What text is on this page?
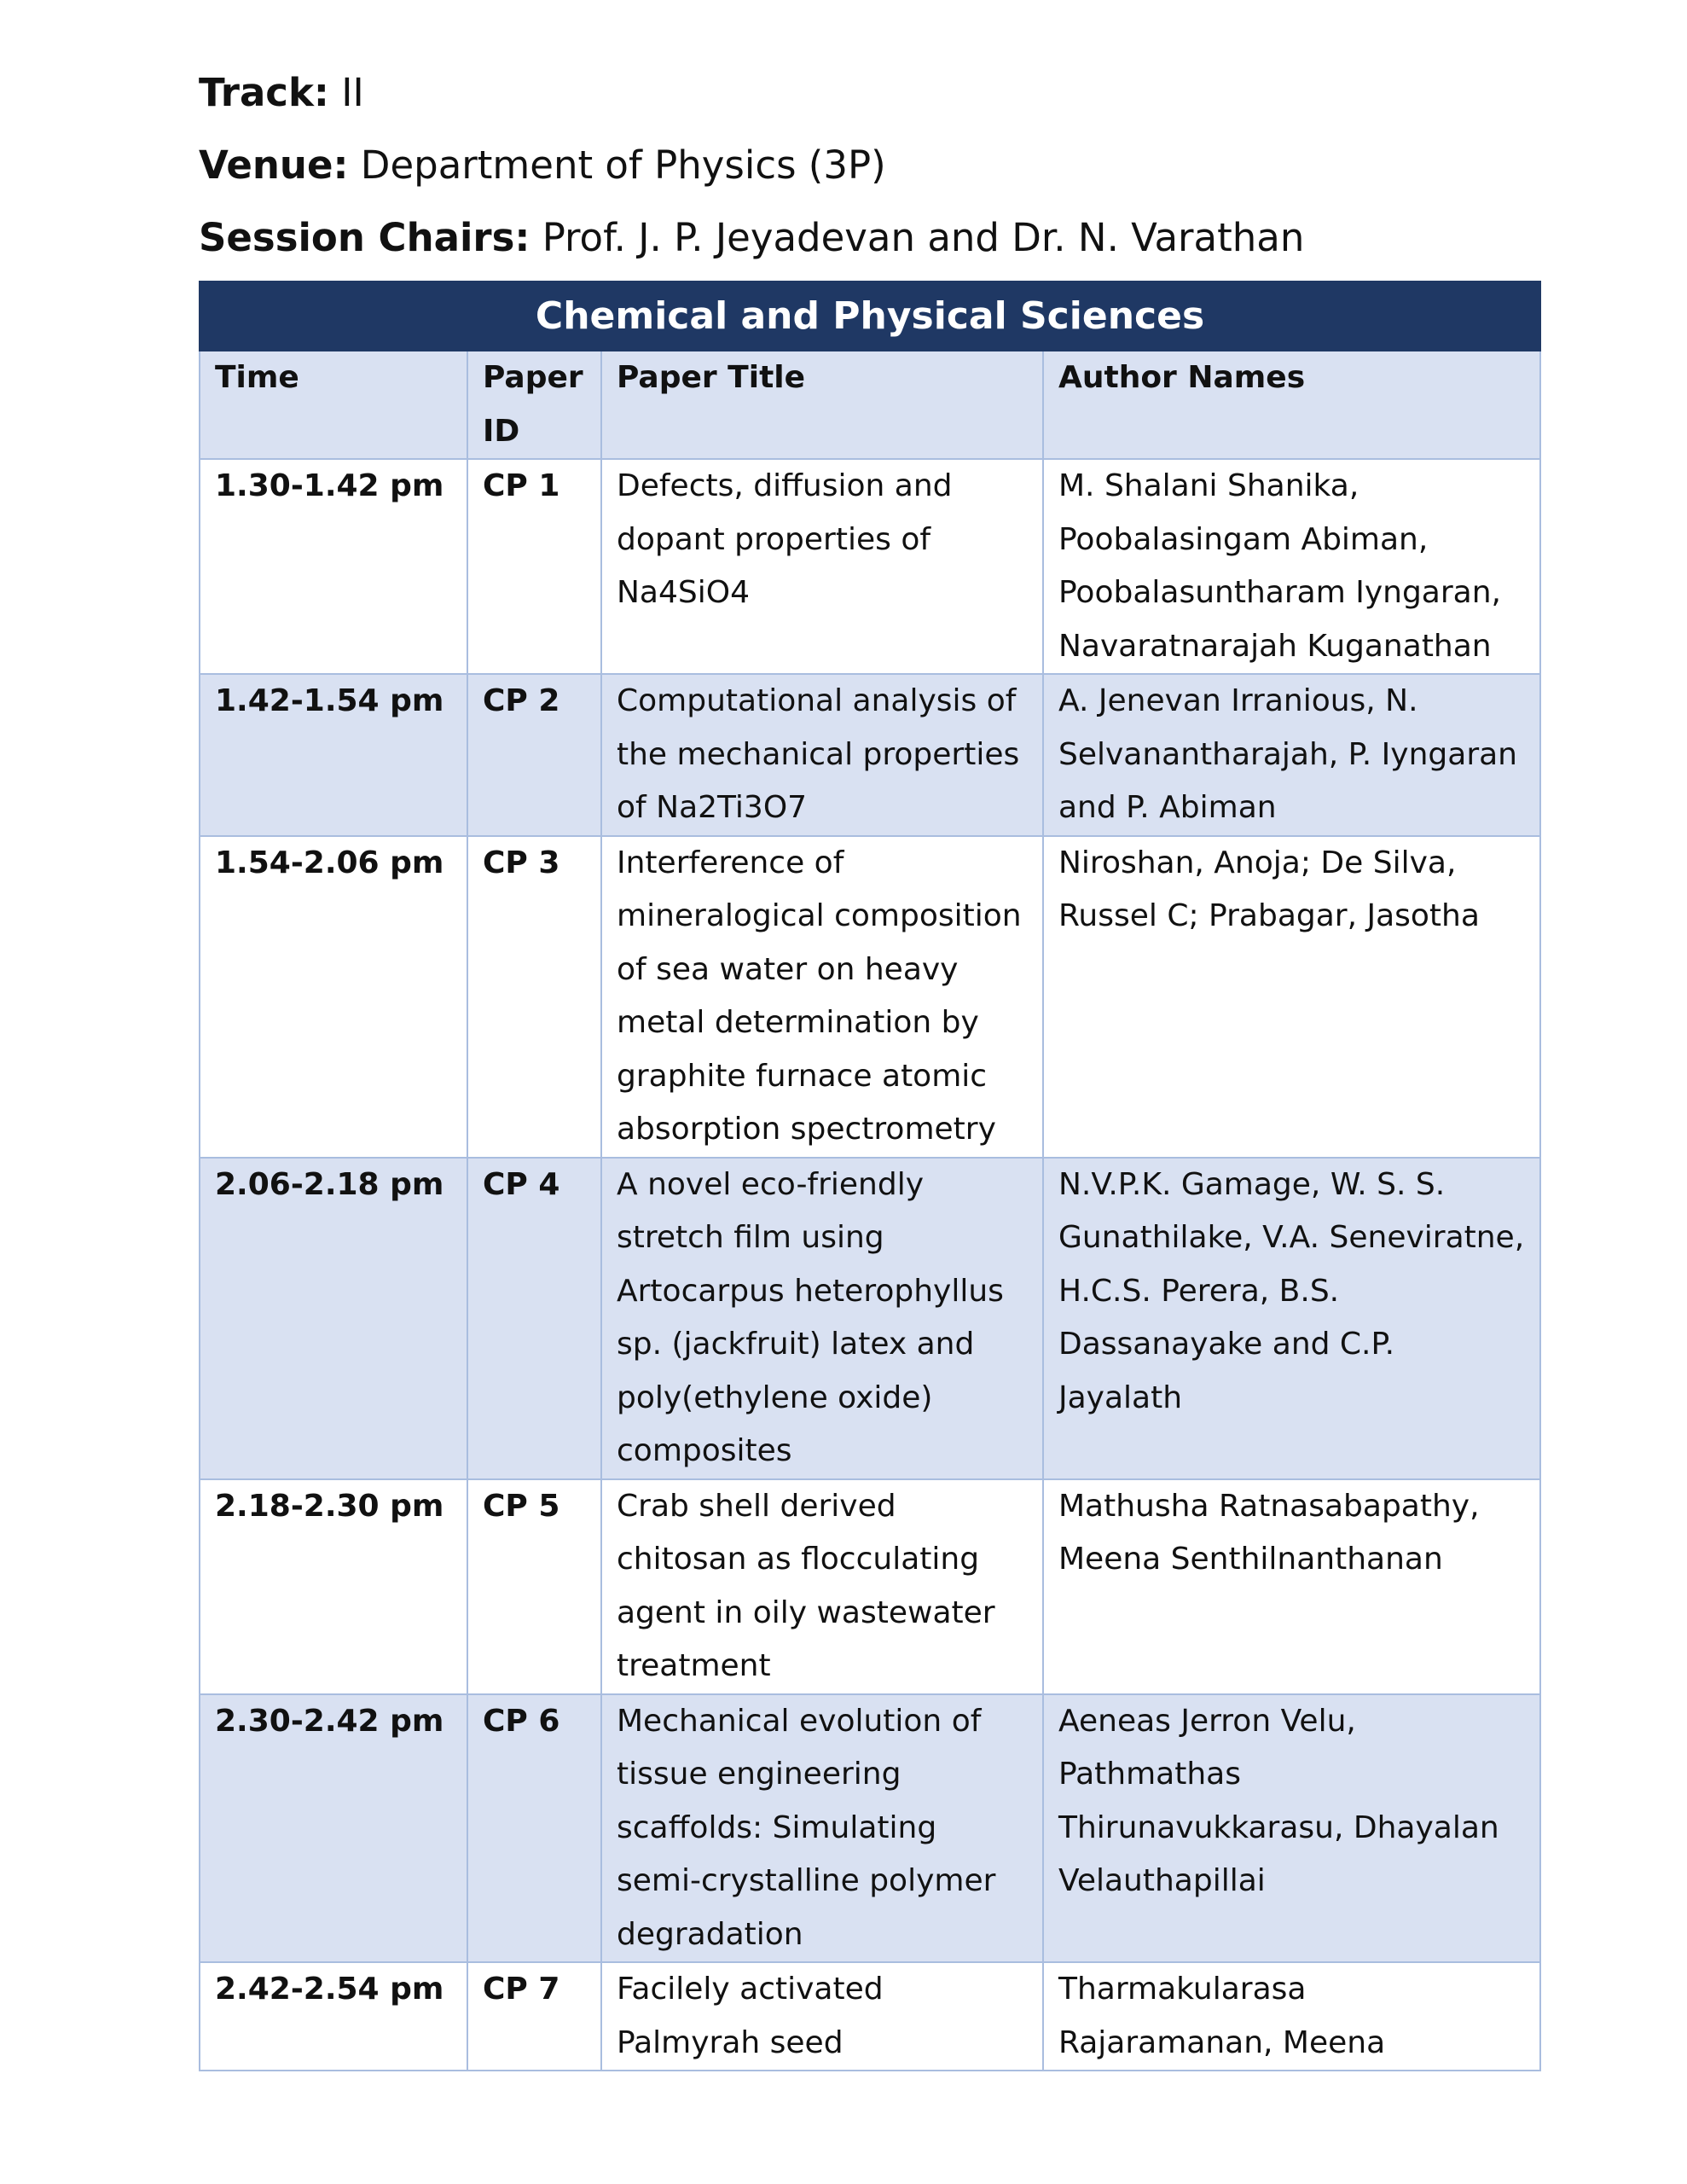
Track: II
Venue: Department of Physics (3P)
Session Chairs: Prof. J. P. Jeyadevan and Dr. N. Varathan
Chemical and Physical Sciences			
Time	Paper ID	Paper Title	Author Names
1.30-1.42 pm	CP 1	Defects, diffusion and dopant properties of Na4SiO4	M. Shalani Shanika, Poobalasingam Abiman, Poobalasuntharam Iyngaran, Navaratnarajah Kuganathan
1.42-1.54 pm	CP 2	Computational analysis of the mechanical properties of Na2Ti3O7	A. Jenevan Irranious, N. Selvanantharajah, P. Iyngaran and P. Abiman
1.54-2.06 pm	CP 3	Interference of mineralogical composition of sea water on heavy metal determination by graphite furnace atomic absorption spectrometry	Niroshan, Anoja; De Silva, Russel C; Prabagar, Jasotha
2.06-2.18 pm	CP 4	A novel eco-friendly stretch film using Artocarpus heterophyllus sp. (jackfruit) latex and poly(ethylene oxide) composites	N.V.P.K. Gamage, W. S. S. Gunathilake, V.A. Seneviratne, H.C.S. Perera, B.S. Dassanayake and C.P. Jayalath
2.18-2.30 pm	CP 5	Crab shell derived chitosan as flocculating agent in oily wastewater treatment	Mathusha Ratnasabapathy, Meena Senthilnanthanan
2.30-2.42 pm	CP 6	Mechanical evolution of tissue engineering scaffolds: Simulating semi-crystalline polymer degradation	Aeneas Jerron Velu, Pathmathas Thirunavukkarasu, Dhayalan Velauthapillai
2.42-2.54 pm	CP 7	Facilely activated Palmyrah seed	Tharmakularasa Rajaramanan, Meena
